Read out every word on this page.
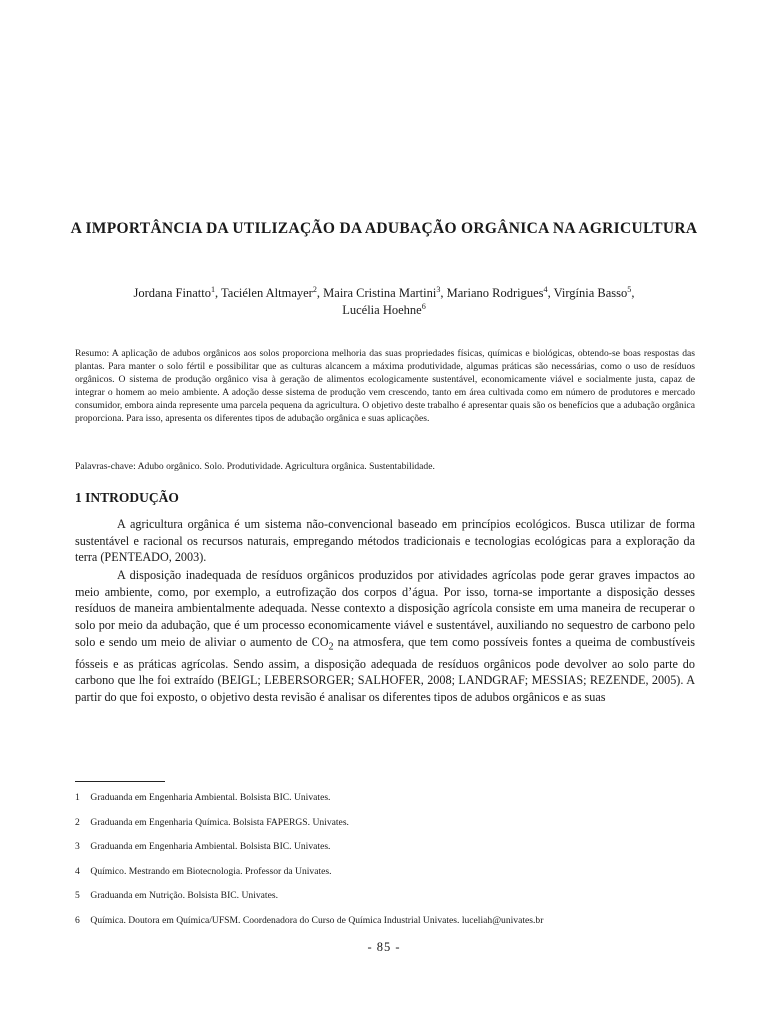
A IMPORTÂNCIA DA UTILIZAÇÃO DA ADUBAÇÃO ORGÂNICA NA AGRICULTURA
Jordana Finatto$^1$, Taciélen Altmayer$^2$, Maira Cristina Martini$^3$, Mariano Rodrigues$^4$, Virgínia Basso$^5$,
Lucélia Hoehne$^6$

Resumo: A aplicação de adubos orgânicos aos solos proporciona melhoria das suas propriedades físicas, químicas e biológicas, obtendo-se boas respostas das plantas. Para manter o solo fértil e possibilitar que as culturas alcancem a máxima produtividade, algumas práticas são necessárias, como o uso de resíduos orgânicos. O sistema de produção orgânico visa à geração de alimentos ecologicamente sustentável, economicamente viável e socialmente justa, capaz de integrar o homem ao meio ambiente. A adoção desse sistema de produção vem crescendo, tanto em área cultivada como em número de produtores e mercado consumidor, embora ainda represente uma parcela pequena da agricultura. O objetivo deste trabalho é apresentar quais são os benefícios que a adubação orgânica proporciona. Para isso, apresenta os diferentes tipos de adubação orgânica e suas aplicações.

Palavras-chave: Adubo orgânico. Solo. Produtividade. Agricultura orgânica. Sustentabilidade.

1 INTRODUÇÃO

A agricultura orgânica é um sistema não-convencional baseado em princípios ecológicos. Busca utilizar de forma sustentável e racional os recursos naturais, empregando métodos tradicionais e tecnologias ecológicas para a exploração da terra (PENTEADO, 2003).

A disposição inadequada de resíduos orgânicos produzidos por atividades agrícolas pode gerar graves impactos ao meio ambiente, como, por exemplo, a eutrofização dos corpos d’água. Por isso, torna-se importante a disposição desses resíduos de maneira ambientalmente adequada. Nesse contexto a disposição agrícola consiste em uma maneira de recuperar o solo por meio da adubação, que é um processo economicamente viável e sustentável, auxiliando no sequestro de carbono pelo solo e sendo um meio de aliviar o aumento de $CO_2$ na atmosfera, que tem como possíveis fontes a queima de combustíveis fósseis e as práticas agrícolas. Sendo assim, a disposição adequada de resíduos orgânicos pode devolver ao solo parte do carbono que lhe foi extraído (BEIGL; LEBERSORGER; SALHOFER, 2008; LANDGRAF; MESSIAS; REZENDE, 2005). A partir do que foi exposto, o objetivo desta revisão é analisar os diferentes tipos de adubos orgânicos e as suas

1 Graduanda em Engenharia Ambiental. Bolsista BIC. Univates.
2 Graduanda em Engenharia Química. Bolsista FAPERGS. Univates.
3 Graduanda em Engenharia Ambiental. Bolsista BIC. Univates.
4 Químico. Mestrando em Biotecnologia. Professor da Univates.
5 Graduanda em Nutrição. Bolsista BIC. Univates.
6 Química. Doutora em Química/UFSM. Coordenadora do Curso de Química Industrial Univates. luceliah@univates.br
- 85 -
